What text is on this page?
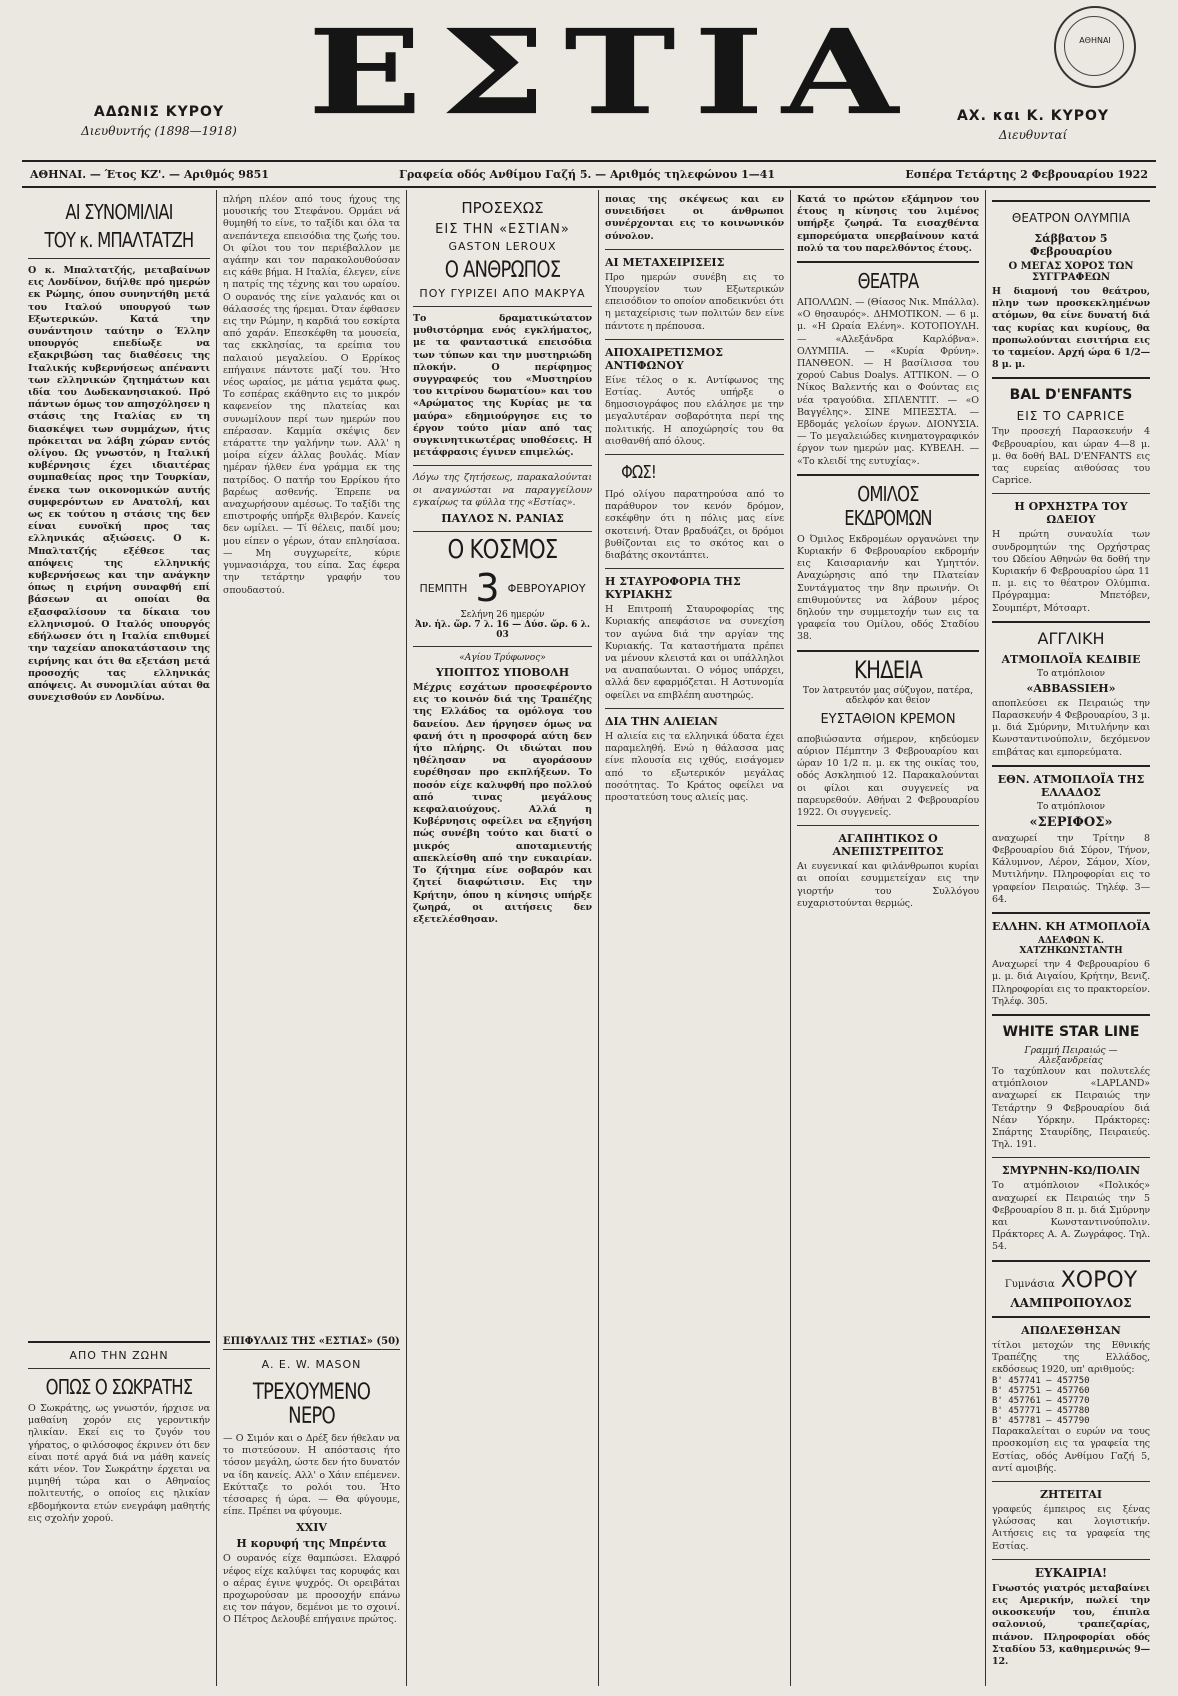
ΑΔΩΝΙΣ ΚΥΡΟΥ
Διευθυντής (1898—1918) ΕΣΤΙΑ	ΑΧ. και Κ. ΚΥΡΟΥ
Διευθυνταί
ΑΘΗΝΑΙ
ΑΘΗΝΑΙ. — Έτος ΚΖ'. — Αριθμός 9851	Γραφεία οδός Ανθίμου Γαζή 5. — Αριθμός τηλεφώνου 1—41	Εσπέρα Τετάρτης 2 Φεβρουαρίου 1922
ΑΙ ΣΥΝΟΜΙΛΙΑΙ
ΤΟΥ κ. ΜΠΑΛΤΑΤΖΗ

Ο κ. Μπαλτατζής, μεταβαίνων εις Λονδίνον, διήλθε πρό ημερών εκ Ρώμης, όπου συνηντήθη μετά του Ιταλού υπουργού των Εξωτερικών. Κατά την συνάντησιν ταύτην ο Έλλην υπουργός επεδίωξε να εξακριβώση τας διαθέσεις της Ιταλικής κυβερνήσεως απέναντι των ελληνικών ζητημάτων και ιδία του Δωδεκανησιακού. Πρό πάντων όμως τον απησχόλησεν η στάσις της Ιταλίας εν τη διασκέψει των συμμάχων, ήτις πρόκειται να λάβη χώραν εντός ολίγου. Ως γνωστόν, η Ιταλική κυβέρνησις έχει ιδιαιτέρας συμπαθείας προς την Τουρκίαν, ένεκα των οικονομικών αυτής συμφερόντων εν Ανατολή, και ως εκ τούτου η στάσις της δεν είναι ευνοϊκή προς τας ελληνικάς αξιώσεις. Ο κ. Μπαλτατζής εξέθεσε τας απόψεις της ελληνικής κυβερνήσεως και την ανάγκην όπως η ειρήνη συναφθή επί βάσεων αι οποίαι θα εξασφαλίσουν τα δίκαια του ελληνισμού. Ο Ιταλός υπουργός εδήλωσεν ότι η Ιταλία επιθυμεί την ταχείαν αποκατάστασιν της ειρήνης και ότι θα εξετάση μετά προσοχής τας ελληνικάς απόψεις. Αι συνομιλίαι αύται θα συνεχισθούν εν Λονδίνω.

ΑΠΟ ΤΗΝ ΖΩΗΝ
ΟΠΩΣ Ο ΣΩΚΡΑΤΗΣ

Ο Σωκράτης, ως γνωστόν, ήρχισε να μαθαίνη χορόν εις γεροντικήν ηλικίαν. Εκεί εις το ζυγόν του γήρατος, ο φιλόσοφος έκρινεν ότι δεν είναι ποτέ αργά διά να μάθη κανείς κάτι νέον. Τον Σωκράτην έρχεται να μιμηθή τώρα και ο Αθηναίος πολιτευτής, ο οποίος εις ηλικίαν εβδομήκοντα ετών ενεγράφη μαθητής εις σχολήν χορού.

πλήρη πλέον από τους ήχους της μουσικής του Στεφάνου. Ορμάει νά θυμηθή το είνε, το ταξίδι και όλα τα ανεπάντεχα επεισόδια της ζωής του. Οι φίλοι του τον περιέβαλλον με αγάπην και τον παρακολουθούσαν εις κάθε βήμα. Η Ιταλία, έλεγεν, είνε η πατρίς της τέχνης και του ωραίου. Ο ουρανός της είνε γαλανός και οι θάλασσές της ήρεμαι. Όταν έφθασεν εις την Ρώμην, η καρδιά του εσκίρτα από χαράν. Επεσκέφθη τα μουσεία, τας εκκλησίας, τα ερείπια του παλαιού μεγαλείου. Ο Ερρίκος επήγαινε πάντοτε μαζί του. Ήτο νέος ωραίος, με μάτια γεμάτα φως. Το εσπέρας εκάθηντο εις το μικρόν καφενείον της πλατείας και συνωμίλουν περί των ημερών που επέρασαν. Καμμία σκέψις δεν ετάραττε την γαλήνην των. Αλλ' η μοίρα είχεν άλλας βουλάς. Μίαν ημέραν ήλθεν ένα γράμμα εκ της πατρίδος. Ο πατήρ του Ερρίκου ήτο βαρέως ασθενής. Έπρεπε να αναχωρήσουν αμέσως. Το ταξίδι της επιστροφής υπήρξε θλιβερόν. Κανείς δεν ωμίλει. — Τί θέλεις, παιδί μου; μου είπεν ο γέρων, όταν επλησίασα. — Μη συγχωρείτε, κύριε γυμνασιάρχα, του είπα. Σας έφερα την τετάρτην γραφήν του σπουδαστού.

ΕΠΙΦΥΛΛΙΣ ΤΗΣ «ΕΣΤΙΑΣ» (50)
A. E. W. MASON
ΤΡΕΧΟΥΜΕΝΟ ΝΕΡΟ

— Ο Σιμόν και ο Δρέξ δεν ήθελαν να το πιστεύσουν. Η απόστασις ήτο τόσον μεγάλη, ώστε δεν ήτο δυνατόν να ίδη κανείς. Αλλ' ο Χάιν επέμενεν. Εκύτταζε το ρολόι του. Ήτο τέσσαρες ή ώρα. — Θα φύγουμε, είπε. Πρέπει να φύγουμε.

XXIV
Η κορυφή της Μπρέντα

Ο ουρανός είχε θαμπώσει. Ελαφρό νέφος είχε καλύψει τας κορυφάς και ο αέρας έγινε ψυχρός. Οι ορειβάται προχωρούσαν με προσοχήν επάνω εις τον πάγον, δεμένοι με το σχοινί. Ο Πέτρος Δελουβέ επήγαινε πρώτος.

ΠΡΟΣΕΧΩΣ
ΕΙΣ ΤΗΝ «ΕΣΤΙΑΝ»
GASTON LEROUX
Ο ΑΝΘΡΩΠΟΣ
ΠΟΥ ΓΥΡΙΖΕΙ ΑΠΟ ΜΑΚΡΥΑ

Το δραματικώτατον μυθιστόρημα ενός εγκλήματος, με τα φανταστικά επεισόδια των τύπων και την μυστηριώδη πλοκήν. Ο περίφημος συγγραφεύς του «Μυστηρίου του κιτρίνου δωματίου» και του «Αρώματος της Κυρίας με τα μαύρα» εδημιούργησε εις το έργον τούτο μίαν από τας συγκινητικωτέρας υποθέσεις. Η μετάφρασις έγινεν επιμελώς.

Λόγω της ζητήσεως, παρακαλούνται οι αναγνώσται να παραγγείλουν εγκαίρως τα φύλλα της «Εστίας».

ΠΑΥΛΟΣ Ν. ΡΑΝΙΑΣ
Ο ΚΟΣΜΟΣ
ΠΕΜΠΤΗ 3 ΦΕΒΡΟΥΑΡΙΟΥ
Σελήνη 26 ημερών
Ἀν. ἡλ. ὥρ. 7 λ. 16 — Δύσ. ὥρ. 6 λ. 03
«Αγίου Τρύφωνος»
ΥΠΟΠΤΟΣ ΥΠΟΒΟΛΗ

Μέχρις εσχάτων προσεφέροντο εις το κοινόν διά της Τραπέζης της Ελλάδος τα ομόλογα του δανείου. Δεν ήργησεν όμως να φανή ότι η προσφορά αύτη δεν ήτο πλήρης. Οι ιδιώται που ηθέλησαν να αγοράσουν ευρέθησαν προ εκπλήξεων. Το ποσόν είχε καλυφθή προ πολλού από τινας μεγάλους κεφαλαιούχους. Αλλά η Κυβέρνησις οφείλει να εξηγήση πώς συνέβη τούτο και διατί ο μικρός αποταμιευτής απεκλείσθη από την ευκαιρίαν. Το ζήτημα είνε σοβαρόν και ζητεί διαφώτισιν. Εις την Κρήτην, όπου η κίνησις υπήρξε ζωηρά, οι αιτήσεις δεν εξετελέσθησαν.

ποιας της σκέψεως και εν συνειδήσει οι άνθρωποι συνέρχονται εις το κοινωνικόν σύνολον.

ΑΙ ΜΕΤΑΧΕΙΡΙΣΕΙΣ

Προ ημερών συνέβη εις το Υπουργείον των Εξωτερικών επεισόδιον το οποίον αποδεικνύει ότι η μεταχείρισις των πολιτών δεν είνε πάντοτε η πρέπουσα.

ΑΠΟΧΑΙΡΕΤΙΣΜΟΣ ΑΝΤΙΦΩΝΟΥ

Είνε τέλος ο κ. Αντίφωνος της Εστίας. Αυτός υπήρξε ο δημοσιογράφος που ελάλησε με την μεγαλυτέραν σοβαρότητα περί της πολιτικής. Η αποχώρησίς του θα αισθανθή από όλους.

ΦΩΣ!

Πρό ολίγου παρατηρούσα από το παράθυρον τον κενόν δρόμον, εσκέφθην ότι η πόλις μας είνε σκοτεινή. Όταν βραδυάζει, οι δρόμοι βυθίζονται εις το σκότος και ο διαβάτης σκοντάπτει.

Η ΣΤΑΥΡΟΦΟΡΙΑ ΤΗΣ ΚΥΡΙΑΚΗΣ

Η Επιτροπή Σταυροφορίας της Κυριακής απεφάσισε να συνεχίση τον αγώνα διά την αργίαν της Κυριακής. Τα καταστήματα πρέπει να μένουν κλειστά και οι υπάλληλοι να αναπαύωνται. Ο νόμος υπάρχει, αλλά δεν εφαρμόζεται. Η Αστυνομία οφείλει να επιβλέπη αυστηρώς.

ΔΙΑ ΤΗΝ ΑΛΙΕΙΑΝ

Η αλιεία εις τα ελληνικά ύδατα έχει παραμεληθή. Ενώ η θάλασσα μας είνε πλουσία εις ιχθύς, εισάγομεν από το εξωτερικόν μεγάλας ποσότητας. Το Κράτος οφείλει να προστατεύση τους αλιείς μας.

Κατά το πρώτον εξάμηνον του έτους η κίνησις του λιμένος υπήρξε ζωηρά. Τα εισαχθέντα εμπορεύματα υπερβαίνουν κατά πολύ τα του παρελθόντος έτους.

ΘΕΑΤΡΑ

ΑΠΟΛΛΩΝ. — (Θίασος Νικ. Μπάλλα). «Ο θησαυρός». ΔΗΜΟΤΙΚΟΝ. — 6 μ. μ. «Η Ωραία Ελένη». ΚΟΤΟΠΟΥΛΗ. — «Αλεξάνδρα Καρλόβνα». ΟΛΥΜΠΙΑ. — «Κυρία Φρύνη». ΠΑΝΘΕΟΝ. — Η βασίλισσα του χορού Cabus Doalys. ΑΤΤΙΚΟΝ. — Ο Νίκος Βαλεντής και ο Φούντας εις νέα τραγούδια. ΣΠΛΕΝΤΙΤ. — «Ο Βαγγέλης». ΣΙΝΕ ΜΠΕΞΣΤΑ. — Εβδομάς γελοίων έργων. ΔΙΟΝΥΣΙΑ. — Το μεγαλειώδες κινηματογραφικόν έργον των ημερών μας. ΚΥΒΕΛΗ. — «Το κλειδί της ευτυχίας».

ΟΜΙΛΟΣ ΕΚΔΡΟΜΩΝ

Ο Όμιλος Εκδρομέων οργανώνει την Κυριακήν 6 Φεβρουαρίου εκδρομήν εις Καισαριανήν και Υμηττόν. Αναχώρησις από την Πλατείαν Συντάγματος την 8ην πρωινήν. Οι επιθυμούντες να λάβουν μέρος δηλούν την συμμετοχήν των εις τα γραφεία του Ομίλου, οδός Σταδίου 38.

ΚΗΔΕΙΑ
Τον λατρευτόν μας σύζυγον, πατέρα, αδελφόν και θείον
ΕΥΣΤΑΘΙΟΝ ΚΡΕΜΟΝ

αποβιώσαντα σήμερον, κηδεύομεν αύριον Πέμπτην 3 Φεβρουαρίου και ώραν 10 1/2 π. μ. εκ της οικίας του, οδός Ασκληπιού 12. Παρακαλούνται οι φίλοι και συγγενείς να παρευρεθούν. Αθήναι 2 Φεβρουαρίου 1922. Οι συγγενείς.

ΑΓΑΠΗΤΙΚΟΣ Ο ΑΝΕΠΙΣΤΡΕΠΤΟΣ

Αι ευγενικαί και φιλάνθρωποι κυρίαι αι οποίαι εσυμμετείχαν εις την γιορτήν του Συλλόγου ευχαριστούνται θερμώς.

ΘΕΑΤΡΟΝ ΟΛΥΜΠΙΑ
Σάββατον 5 Φεβρουαρίου
Ο ΜΕΓΑΣ ΧΟΡΟΣ ΤΩΝ ΣΥΓΓΡΑΦΕΩΝ

Η διαμονή του θεάτρου, πλην των προσκεκλημένων ατόμων, θα είνε δυνατή διά τας κυρίας και κυρίους, θα προπωλούνται εισιτήρια εις το ταμείον. Αρχή ώρα 6 1/2—8 μ. μ.

BAL D'ENFANTS
ΕΙΣ ΤΟ CAPRICE

Την προσεχή Παρασκευήν 4 Φεβρουαρίου, και ώραν 4—8 μ. μ. θα δοθή BAL D'ENFANTS εις τας ευρείας αιθούσας του Caprice.

Η ΟΡΧΗΣΤΡΑ ΤΟΥ ΩΔΕΙΟΥ

Η πρώτη συναυλία των συνδρομητών της Ορχήστρας του Ωδείου Αθηνών θα δοθή την Κυριακήν 6 Φεβρουαρίου ώρα 11 π. μ. εις το θέατρον Ολύμπια. Πρόγραμμα: Μπετόβεν, Σουμπέρτ, Μότσαρτ.

ΑΓΓΛΙΚΗ
ΑΤΜΟΠΛΟΪΑ ΚΕΔΙΒΙΕ
Το ατμόπλοιον
«ABBASSIEH»

αποπλεύσει εκ Πειραιώς την Παρασκευήν 4 Φεβρουαρίου, 3 μ. μ. διά Σμύρνην, Μιτυλήνην και Κωνσταντινούπολιν, δεχόμενον επιβάτας και εμπορεύματα.

ΕΘΝ. ΑΤΜΟΠΛΟΪΑ ΤΗΣ ΕΛΛΑΔΟΣ
Το ατμόπλοιον
«ΣΕΡΙΦΟΣ»

αναχωρεί την Τρίτην 8 Φεβρουαρίου διά Σύρον, Τήνον, Κάλυμνον, Λέρον, Σάμον, Χίον, Μυτιλήνην. Πληροφορίαι εις το γραφείον Πειραιώς. Τηλέφ. 3—64.

ΕΛΛΗΝ. ΚΗ ΑΤΜΟΠΛΟΪΑ
ΑΔΕΛΦΩΝ Κ. ΧΑΤΖΗΚΩΝΣΤΑΝΤΗ

Αναχωρεί την 4 Φεβρουαρίου 6 μ. μ. διά Αιγαίου, Κρήτην, Βενιζ. Πληροφορίαι εις το πρακτορείον. Τηλέφ. 305.

WHITE STAR LINE
Γραμμή Πειραιώς — Αλεξανδρείας

Το ταχύπλουν και πολυτελές ατμόπλοιον «LAPLAND» αναχωρεί εκ Πειραιώς την Τετάρτην 9 Φεβρουαρίου διά Νέαν Υόρκην. Πράκτορες: Σπάρτης Σταυρίδης, Πειραιεύς. Τηλ. 191.

ΣΜΥΡΝΗΝ-ΚΩ/ΠΟΛΙΝ

Το ατμόπλοιον «Πολικός» αναχωρεί εκ Πειραιώς την 5 Φεβρουαρίου 8 π. μ. διά Σμύρνην και Κωνσταντινούπολιν. Πράκτορες Α. Α. Ζωγράφος. Τηλ. 54.

Γυμνάσια ΧΟΡΟΥ
ΛΑΜΠΡΟΠΟΥΛΟΣ
ΑΠΩΛΕΣΘΗΣΑΝ

τίτλοι μετοχών της Εθνικής Τραπέζης της Ελλάδος, εκδόσεως 1920, υπ' αριθμούς:

Β' 457741 — 457750
Β' 457751 — 457760
Β' 457761 — 457770
Β' 457771 — 457780
Β' 457781 — 457790

Παρακαλείται ο ευρών να τους προσκομίση εις τα γραφεία της Εστίας, οδός Ανθίμου Γαζή 5, αντί αμοιβής.

ΖΗΤΕΙΤΑΙ

γραφεύς έμπειρος εις ξένας γλώσσας και λογιστικήν. Αιτήσεις εις τα γραφεία της Εστίας.

ΕΥΚΑΙΡΙΑ!

Γνωστός γιατρός μεταβαίνει εις Αμερικήν, πωλεί την οικοσκευήν του, έπιπλα σαλονιού, τραπεζαρίας, πιάνον. Πληροφορίαι οδός Σταδίου 53, καθημερινώς 9—12.
